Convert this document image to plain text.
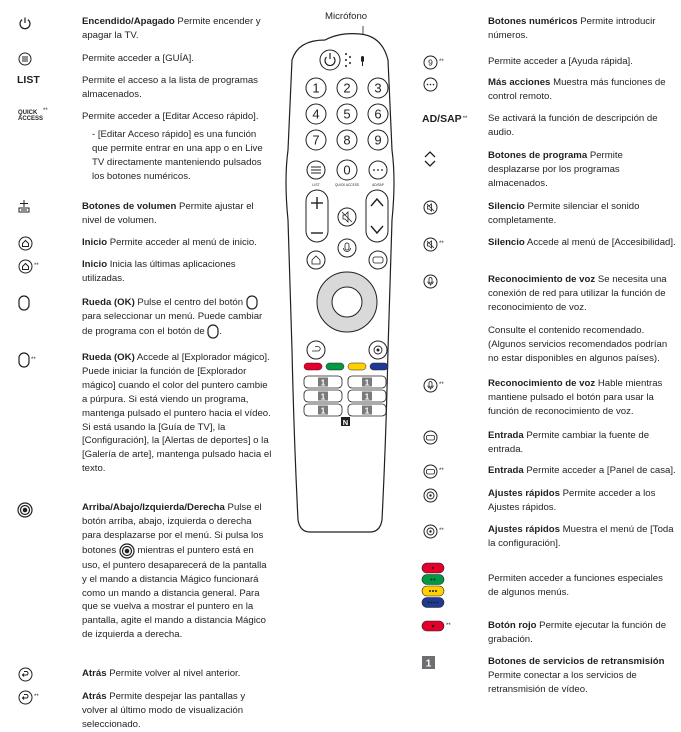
Encendido/Apagado Permite encender y apagar la TV.
Permite acceder a [GUÍA].
LIST	Permite el acceso a la lista de programas almacenados.
QUICK ACCESS
**	Permite acceder a [Editar Acceso rápido].
- [Editar Acceso rápido] es una función que permite entrar en una app o en Live TV directamente manteniendo pulsados los botones numéricos.
Botones de volumen Permite ajustar el nivel de volumen.
Inicio Permite acceder al menú de inicio.
**	Inicio Inicia las últimas aplicaciones utilizadas.
Rueda (OK) Pulse el centro del botón  para seleccionar un menú. Puede cambiar de programa con el botón de .
**	Rueda (OK) Accede al [Explorador mágico]. Puede iniciar la función de [Explorador mágico] cuando el color del puntero cambie a púrpura. Si está viendo un programa, mantenga pulsado el puntero hacia el vídeo. Si está usando la [Guía de TV], la [Configuración], la [Alertas de deportes] o la [Galería de arte], mantenga pulsado hacia el texto.
Arriba/Abajo/Izquierda/Derecha Pulse el botón arriba, abajo, izquierda o derecha para desplazarse por el menú. Si pulsa los botones  mientras el puntero está en uso, el puntero desaparecerá de la pantalla y el mando a distancia Mágico funcionará como un mando a distancia general. Para que se vuelva a mostrar el puntero en la pantalla, agite el mando a distancia Mágico de izquierda a derecha.
Atrás Permite volver al nivel anterior.
**	Atrás Permite despejar las pantallas y volver al último modo de visualización seleccionado.
Micrófono
1 2 3
4 5 6
7 8 9
0
LIST	QUICK ACCESS	AD/SAP
1	1
1	1
1	1
N
Botones numéricos Permite introducir números.
9 **	Permite acceder a [Ayuda rápida].
Más acciones Muestra más funciones de control remoto.
AD/SAP ** Se activará la función de descripción de audio.
Botones de programa Permite desplazarse por los programas almacenados.
Silencio Permite silenciar el sonido completamente.
**	Silencio Accede al menú de [Accesibilidad].
Reconocimiento de voz Se necesita una conexión de red para utilizar la función de reconocimiento de voz.
Consulte el contenido recomendado. (Algunos servicios recomendados podrían no estar disponibles en algunos países).
**	Reconocimiento de voz Hable mientras mantiene pulsado el botón para usar la función de reconocimiento de voz.
Entrada Permite cambiar la fuente de entrada.
**	Entrada Permite acceder a [Panel de casa].
Ajustes rápidos Permite acceder a los Ajustes rápidos.
**	Ajustes rápidos Muestra el menú de [Toda la configuración].
Permiten acceder a funciones especiales de algunos menús.
**	Botón rojo Permite ejecutar la función de grabación.
1	Botones de servicios de retransmisión Permite conectar a los servicios de retransmisión de vídeo.
